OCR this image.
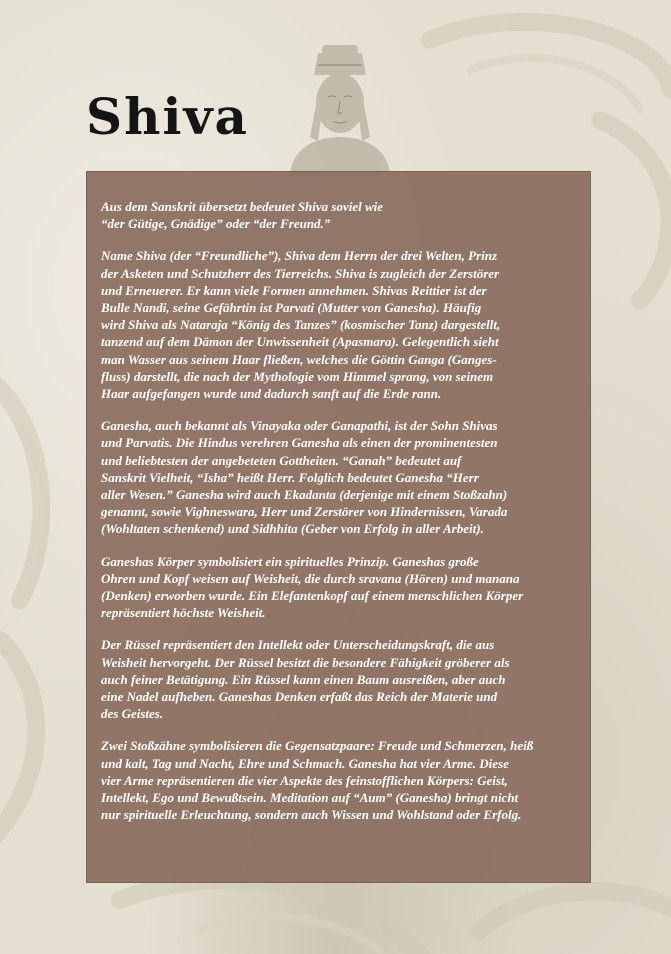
Shiva

Aus dem Sanskrit übersetzt bedeutet Shiva soviel wie
“der Gütige, Gnädige” oder “der Freund.”

Name Shiva (der “Freundliche”), Shiva dem Herrn der drei Welten, Prinz
der Asketen und Schutzherr des Tierreichs. Shiva is zugleich der Zerstörer
und Erneuerer. Er kann viele Formen annehmen. Shivas Reittier ist der
Bulle Nandi, seine Gefährtin ist Parvati (Mutter von Ganesha). Häufig
wird Shiva als Nataraja “König des Tanzes” (kosmischer Tanz) dargestellt,
tanzend auf dem Dämon der Unwissenheit (Apasmara). Gelegentlich sieht
man Wasser aus seinem Haar fließen, welches die Göttin Ganga (Ganges-
fluss) darstellt, die nach der Mythologie vom Himmel sprang, von seinem
Haar aufgefangen wurde und dadurch sanft auf die Erde rann.

Ganesha, auch bekannt als Vinayaka oder Ganapathi, ist der Sohn Shivas
und Parvatis. Die Hindus verehren Ganesha als einen der prominentesten
und beliebtesten der angebeteten Gottheiten. “Ganah” bedeutet auf
Sanskrit Vielheit, “Isha” heißt Herr. Folglich bedeutet Ganesha “Herr
aller Wesen.” Ganesha wird auch Ekadanta (derjenige mit einem Stoßzahn)
genannt, sowie Vighneswara, Herr und Zerstörer von Hindernissen, Varada
(Wohltaten schenkend) und Sidhhita (Geber von Erfolg in aller Arbeit).

Ganeshas Körper symbolisiert ein spirituelles Prinzip. Ganeshas große
Ohren und Kopf weisen auf Weisheit, die durch sravana (Hören) und manana
(Denken) erworben wurde. Ein Elefantenkopf auf einem menschlichen Körper
repräsentiert höchste Weisheit.

Der Rüssel repräsentiert den Intellekt oder Unterscheidungskraft, die aus
Weisheit hervorgeht. Der Rüssel besitzt die besondere Fähigkeit gröberer als
auch feiner Betätigung. Ein Rüssel kann einen Baum ausreißen, aber auch
eine Nadel aufheben. Ganeshas Denken erfaßt das Reich der Materie und
des Geistes.

Zwei Stoßzähne symbolisieren die Gegensatzpaare: Freude und Schmerzen, heiß
und kalt, Tag und Nacht, Ehre und Schmach. Ganesha hat vier Arme. Diese
vier Arme repräsentieren die vier Aspekte des feinstofflichen Körpers: Geist,
Intellekt, Ego und Bewußtsein. Meditation auf “Aum” (Ganesha) bringt nicht
nur spirituelle Erleuchtung, sondern auch Wissen und Wohlstand oder Erfolg.
